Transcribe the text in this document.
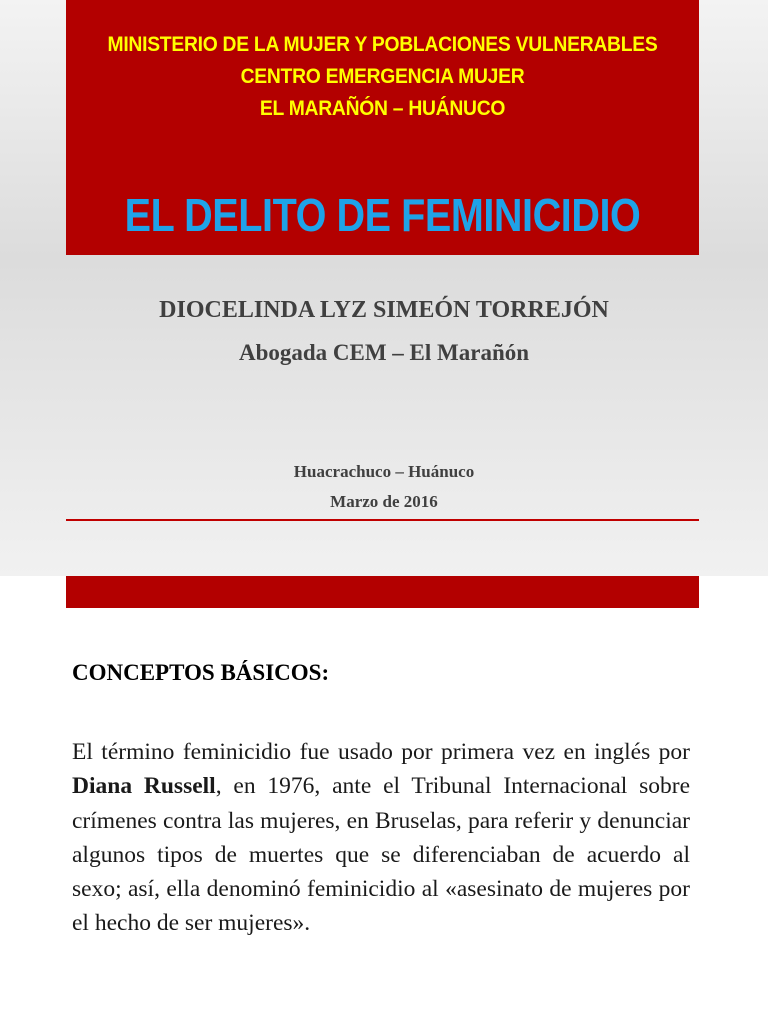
MINISTERIO DE LA MUJER Y POBLACIONES VULNERABLES
CENTRO EMERGENCIA MUJER
EL MARAÑÓN – HUÁNUCO
EL DELITO DE FEMINICIDIO
DIOCELINDA LYZ SIMEÓN TORREJÓN
Abogada CEM – El Marañón
Huacrachuco – Huánuco
Marzo de 2016
CONCEPTOS BÁSICOS:
El término feminicidio fue usado por primera vez en inglés por Diana Russell, en 1976, ante el Tribunal Internacional sobre crímenes contra las mujeres, en Bruselas, para referir y denunciar algunos tipos de muertes que se diferenciaban de acuerdo al sexo; así, ella denominó feminicidio al «asesinato de mujeres por el hecho de ser mujeres».
